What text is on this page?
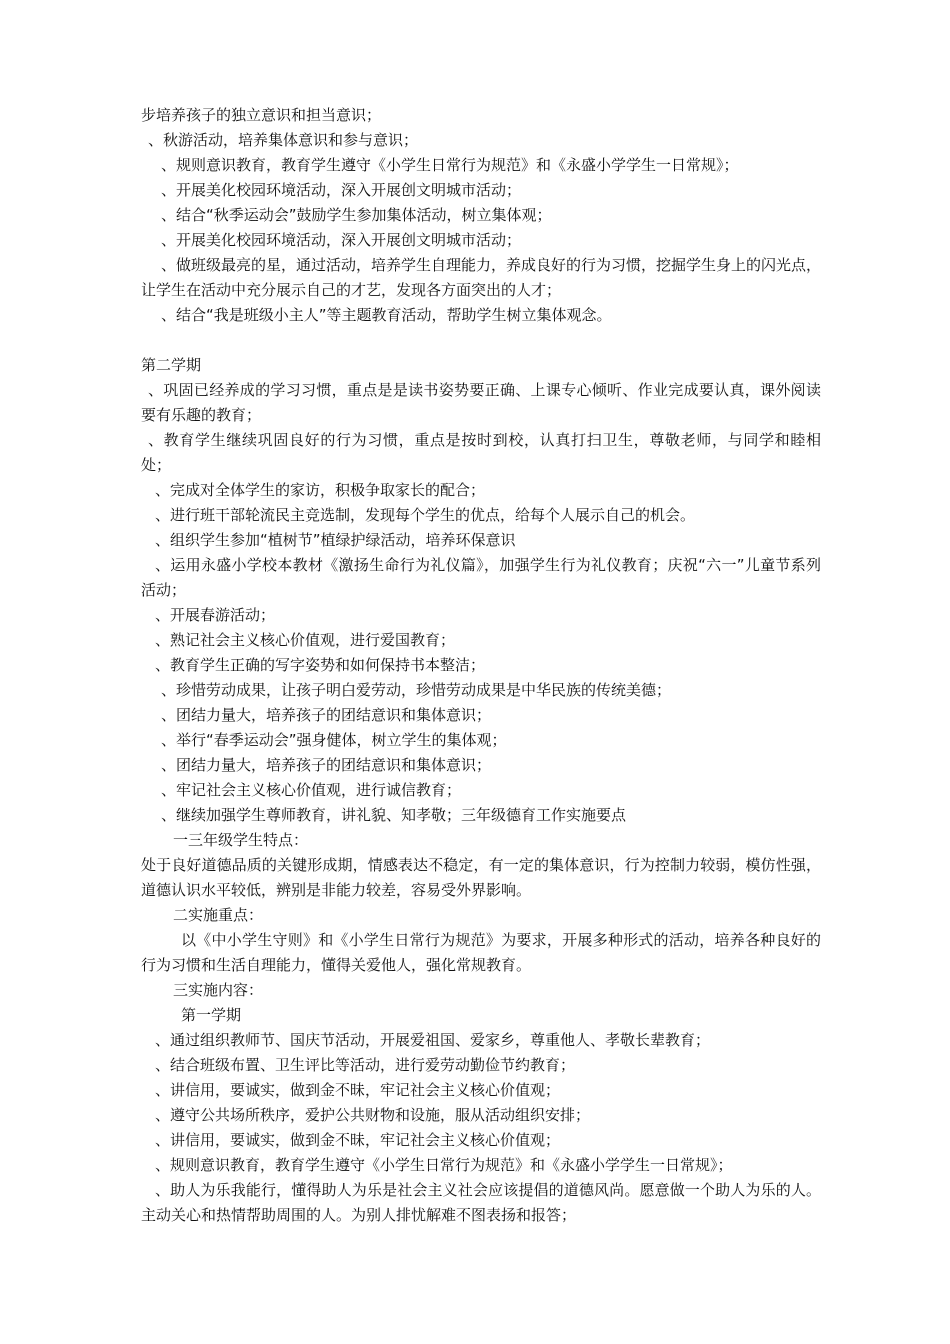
步培养孩子的独立意识和担当意识；
、秋游活动，培养集体意识和参与意识；
、规则意识教育，教育学生遵守《小学生日常行为规范》和《永盛小学学生一日常规》；
、开展美化校园环境活动，深入开展创文明城市活动；
、结合“秋季运动会”鼓励学生参加集体活动，树立集体观；
、开展美化校园环境活动，深入开展创文明城市活动；
、做班级最亮的星，通过活动，培养学生自理能力，养成良好的行为习惯，挖掘学生身上的闪光点，让学生在活动中充分展示自己的才艺，发现各方面突出的人才；
、结合“我是班级小主人”等主题教育活动，帮助学生树立集体观念。
第二学期
、巩固已经养成的学习习惯，重点是是读书姿势要正确、上课专心倾听、作业完成要认真，课外阅读要有乐趣的教育；
、教育学生继续巩固良好的行为习惯，重点是按时到校，认真打扫卫生，尊敬老师，与同学和睦相处；
、完成对全体学生的家访，积极争取家长的配合；
、进行班干部轮流民主竞选制，发现每个学生的优点，给每个人展示自己的机会。
、组织学生参加“植树节”植绿护绿活动，培养环保意识
、运用永盛小学校本教材《激扬生命行为礼仪篇》，加强学生行为礼仪教育；庆祝“六一”儿童节系列活动；
、开展春游活动；
、熟记社会主义核心价值观，进行爱国教育；
、教育学生正确的写字姿势和如何保持书本整洁；
、珍惜劳动成果，让孩子明白爱劳动，珍惜劳动成果是中华民族的传统美德；
、团结力量大，培养孩子的团结意识和集体意识；
、举行“春季运动会”强身健体，树立学生的集体观；
、团结力量大，培养孩子的团结意识和集体意识；
、牢记社会主义核心价值观，进行诚信教育；
、继续加强学生尊师教育，讲礼貌、知孝敬；三年级德育工作实施要点
一三年级学生特点：
处于良好道德品质的关键形成期，情感表达不稳定，有一定的集体意识，行为控制力较弱，模仿性强，道德认识水平较低，辨别是非能力较差，容易受外界影响。
二实施重点：
以《中小学生守则》和《小学生日常行为规范》为要求，开展多种形式的活动，培养各种良好的行为习惯和生活自理能力，懂得关爱他人，强化常规教育。
三实施内容：
第一学期
、通过组织教师节、国庆节活动，开展爱祖国、爱家乡，尊重他人、孝敬长辈教育；
、结合班级布置、卫生评比等活动，进行爱劳动勤俭节约教育；
、讲信用，要诚实，做到金不昧，牢记社会主义核心价值观；
、遵守公共场所秩序，爱护公共财物和设施，服从活动组织安排；
、讲信用，要诚实，做到金不昧，牢记社会主义核心价值观；
、规则意识教育，教育学生遵守《小学生日常行为规范》和《永盛小学学生一日常规》；
、助人为乐我能行，懂得助人为乐是社会主义社会应该提倡的道德风尚。愿意做一个助人为乐的人。主动关心和热情帮助周围的人。为别人排忧解难不图表扬和报答；
